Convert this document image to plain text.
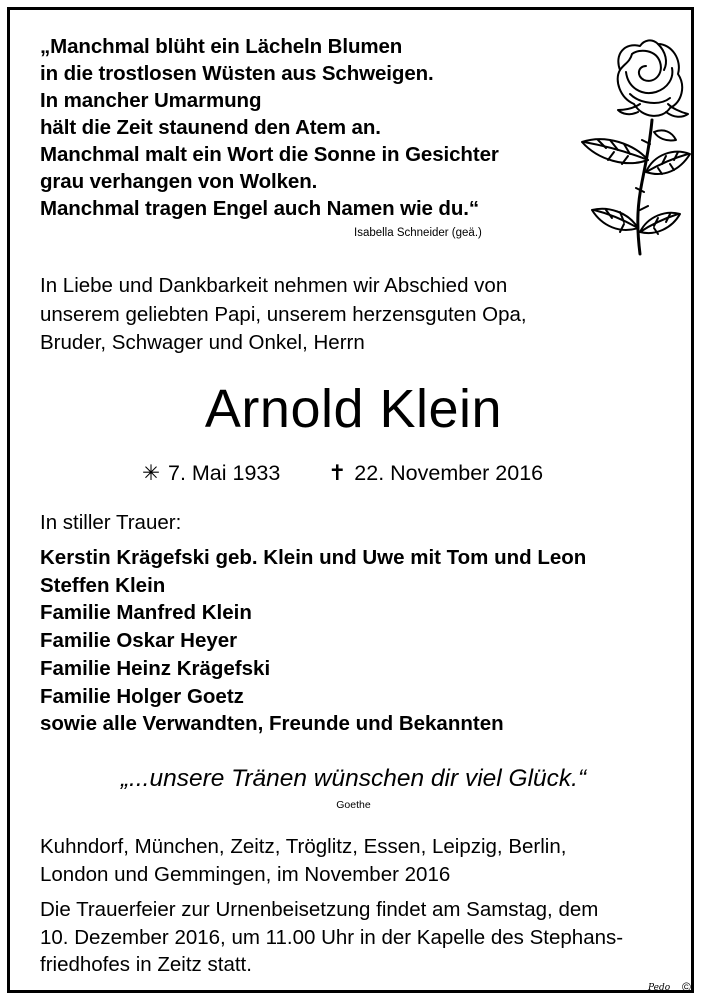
„Manchmal blüht ein Lächeln Blumen
in die trostlosen Wüsten aus Schweigen.
In mancher Umarmung
hält die Zeit staunend den Atem an.
Manchmal malt ein Wort die Sonne in Gesichter
grau verhangen von Wolken.
Manchmal tragen Engel auch Namen wie du.“
Isabella Schneider (geä.)
In Liebe und Dankbarkeit nehmen wir Abschied von
unserem geliebten Papi, unserem herzensguten Opa,
Bruder, Schwager und Onkel, Herrn
Arnold Klein
✳ 7. Mai 1933 ✝ 22. November 2016
In stiller Trauer:
Kerstin Krägefski geb. Klein und Uwe mit Tom und Leon
Steffen Klein
Familie Manfred Klein
Familie Oskar Heyer
Familie Heinz Krägefski
Familie Holger Goetz
sowie alle Verwandten, Freunde und Bekannten
„...unsere Tränen wünschen dir viel Glück.“
Goethe
Kuhndorf, München, Zeitz, Tröglitz, Essen, Leipzig, Berlin,
London und Gemmingen, im November 2016
Die Trauerfeier zur Urnenbeisetzung findet am Samstag, dem
10. Dezember 2016, um 11.00 Uhr in der Kapelle des Stephans-
friedhofes in Zeitz statt.
Pedo ©
